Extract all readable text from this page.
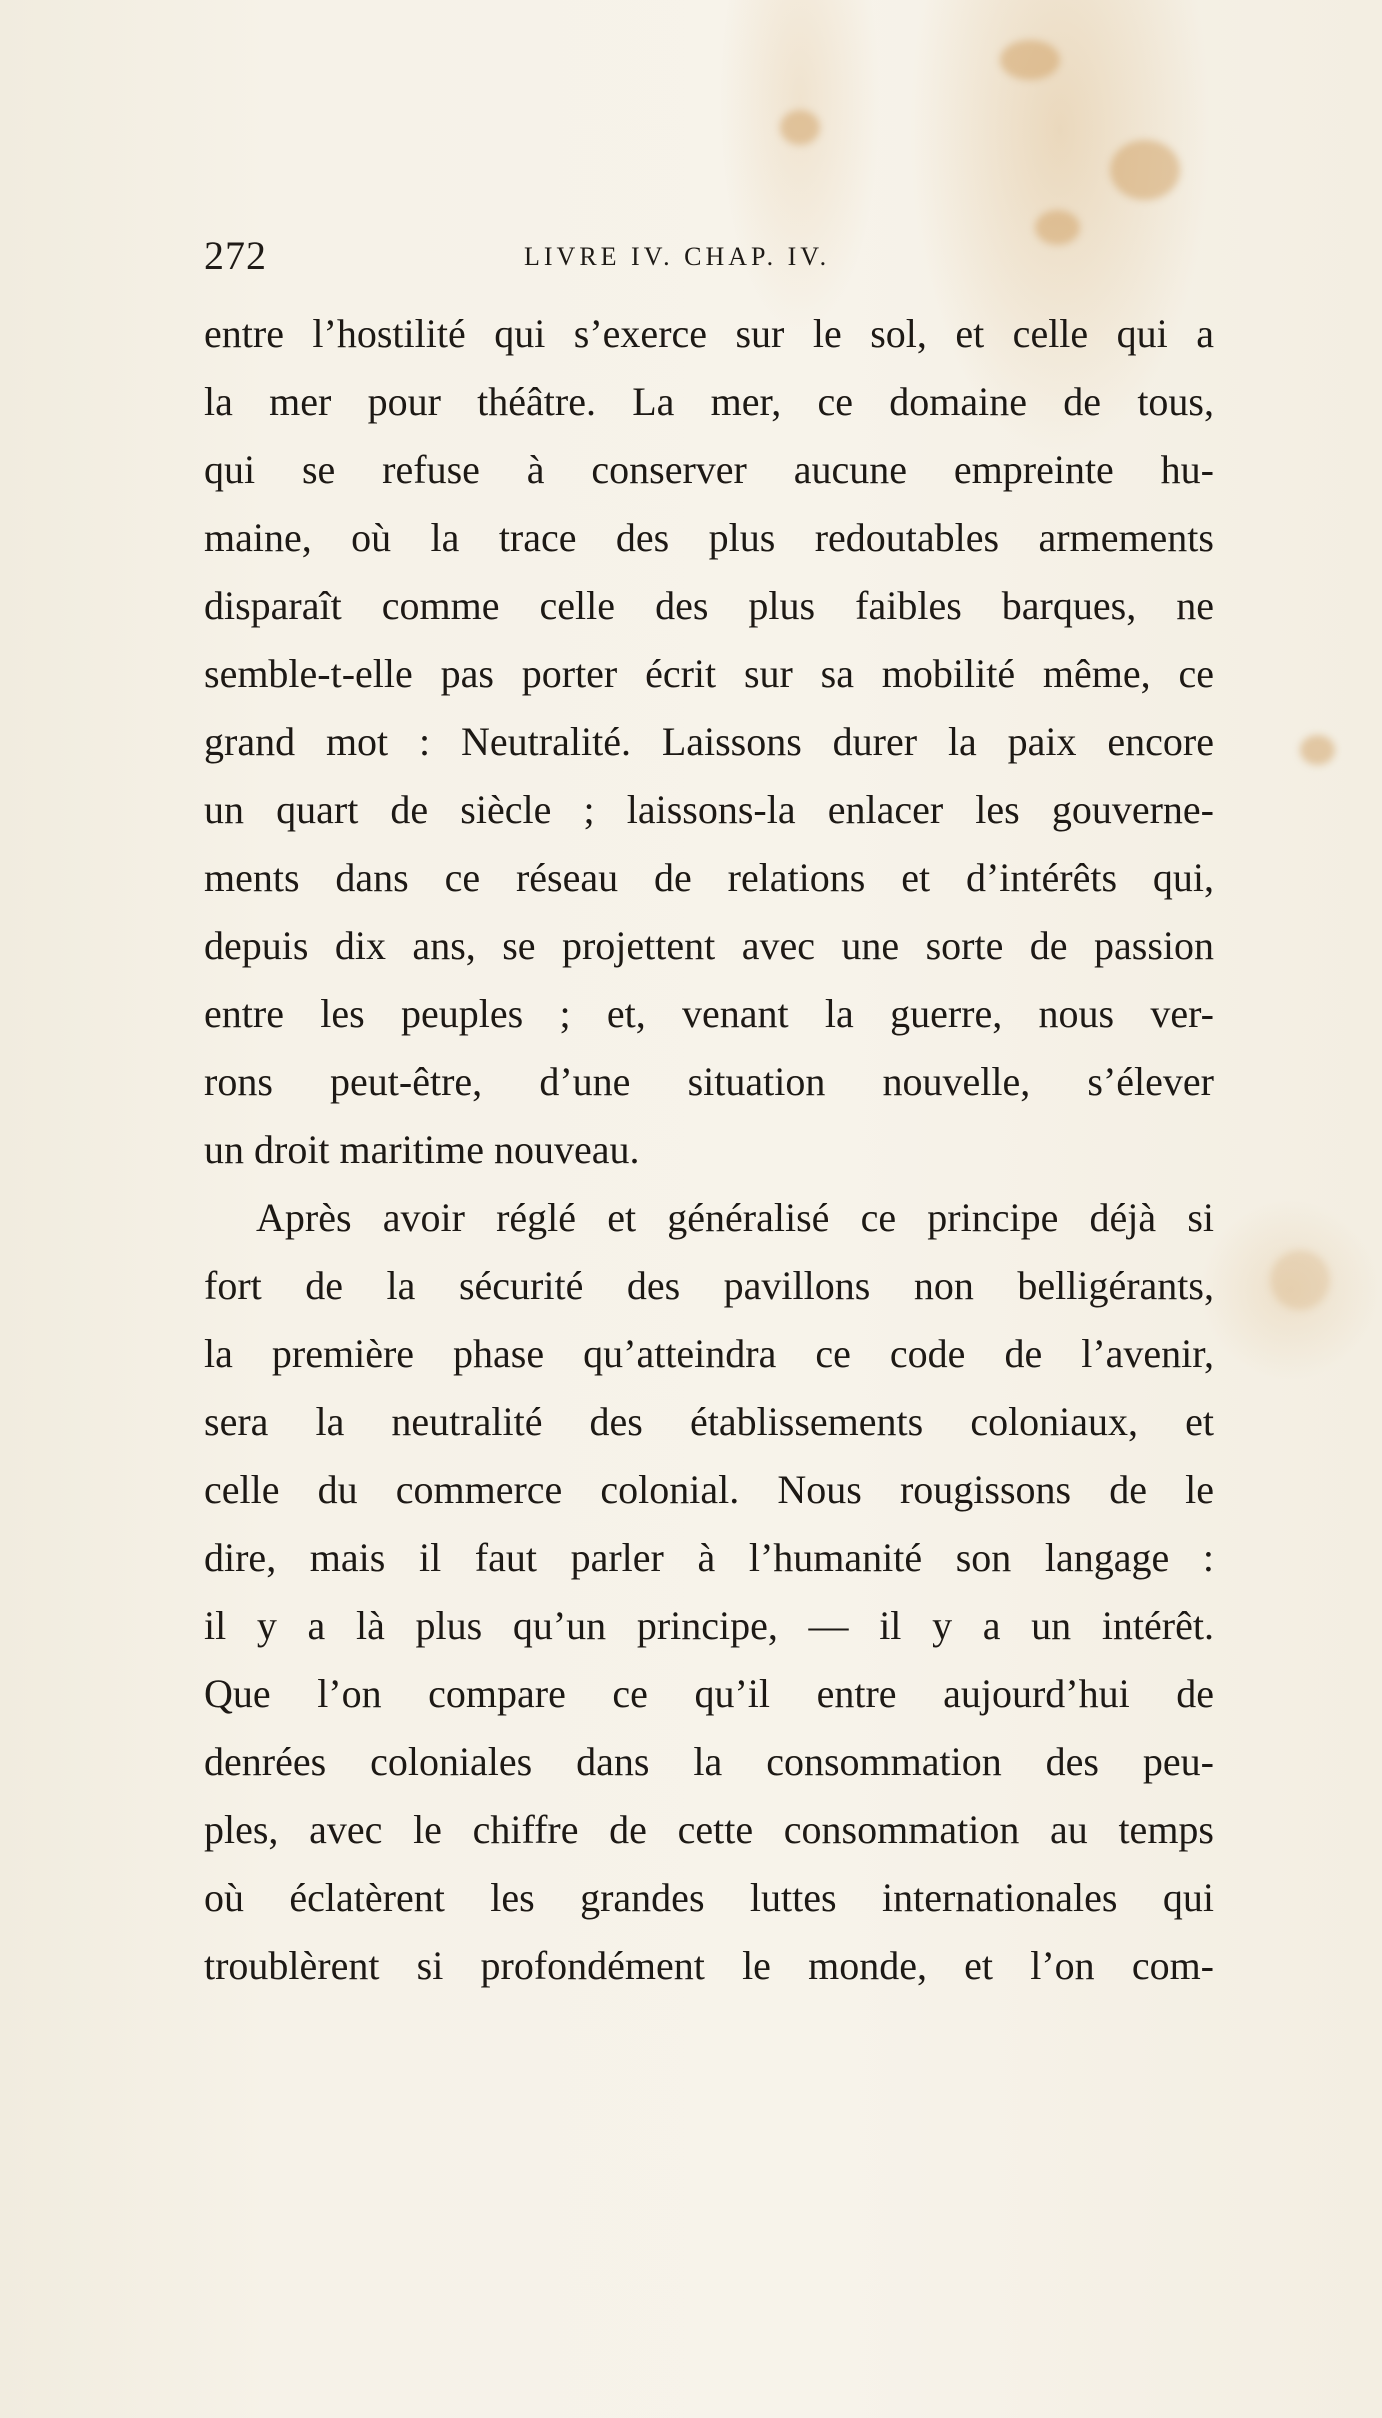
272	LIVRE IV. CHAP. IV.
entre l’hostilité qui s’exerce sur le sol, et celle qui a
la mer pour théâtre. La mer, ce domaine de tous,
qui se refuse à conserver aucune empreinte hu-
maine, où la trace des plus redoutables armements
disparaît comme celle des plus faibles barques, ne
semble-t-elle pas porter écrit sur sa mobilité même, ce
grand mot : Neutralité. Laissons durer la paix encore
un quart de siècle ; laissons-la enlacer les gouverne-
ments dans ce réseau de relations et d’intérêts qui,
depuis dix ans, se projettent avec une sorte de passion
entre les peuples ; et, venant la guerre, nous ver-
rons peut-être, d’une situation nouvelle, s’élever
un droit maritime nouveau.
Après avoir réglé et généralisé ce principe déjà si
fort de la sécurité des pavillons non belligérants,
la première phase qu’atteindra ce code de l’avenir,
sera la neutralité des établissements coloniaux, et
celle du commerce colonial. Nous rougissons de le
dire, mais il faut parler à l’humanité son langage :
il y a là plus qu’un principe, — il y a un intérêt.
Que l’on compare ce qu’il entre aujourd’hui de
denrées coloniales dans la consommation des peu-
ples, avec le chiffre de cette consommation au temps
où éclatèrent les grandes luttes internationales qui
troublèrent si profondément le monde, et l’on com-
